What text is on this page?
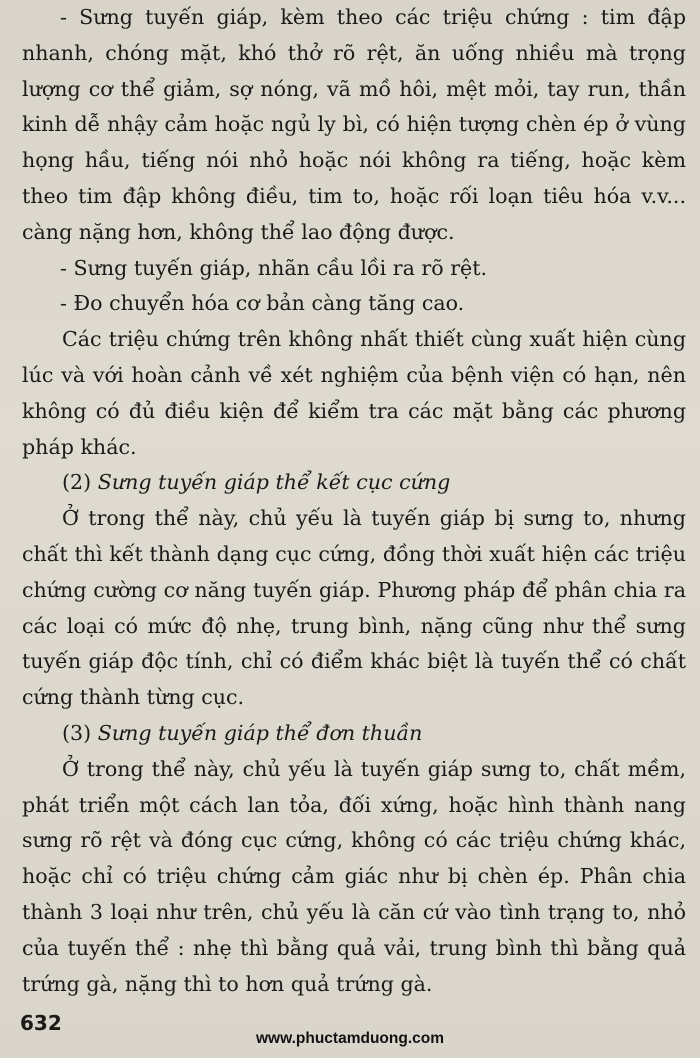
- Sưng tuyến giáp, kèm theo các triệu chứng : tim đập nhanh, chóng mặt, khó thở rõ rệt, ăn uống nhiều mà trọng lượng cơ thể giảm, sợ nóng, vã mồ hôi, mệt mỏi, tay run, thần kinh dễ nhậy cảm hoặc ngủ ly bì, có hiện tượng chèn ép ở vùng họng hầu, tiếng nói nhỏ hoặc nói không ra tiếng, hoặc kèm theo tim đập không điều, tim to, hoặc rối loạn tiêu hóa v.v... càng nặng hơn, không thể lao động được.

- Sưng tuyến giáp, nhãn cầu lồi ra rõ rệt.

- Đo chuyển hóa cơ bản càng tăng cao.

Các triệu chứng trên không nhất thiết cùng xuất hiện cùng lúc và với hoàn cảnh về xét nghiệm của bệnh viện có hạn, nên không có đủ điều kiện để kiểm tra các mặt bằng các phương pháp khác.

(2) Sưng tuyến giáp thể kết cục cứng

Ở trong thể này, chủ yếu là tuyến giáp bị sưng to, nhưng chất thì kết thành dạng cục cứng, đồng thời xuất hiện các triệu chứng cường cơ năng tuyến giáp. Phương pháp để phân chia ra các loại có mức độ nhẹ, trung bình, nặng cũng như thể sưng tuyến giáp độc tính, chỉ có điểm khác biệt là tuyến thể có chất cứng thành từng cục.

(3) Sưng tuyến giáp thể đơn thuần

Ở trong thể này, chủ yếu là tuyến giáp sưng to, chất mềm, phát triển một cách lan tỏa, đối xứng, hoặc hình thành nang sưng rõ rệt và đóng cục cứng, không có các triệu chứng khác, hoặc chỉ có triệu chứng cảm giác như bị chèn ép. Phân chia thành 3 loại như trên, chủ yếu là căn cứ vào tình trạng to, nhỏ của tuyến thể : nhẹ thì bằng quả vải, trung bình thì bằng quả trứng gà, nặng thì to hơn quả trứng gà.

632
www.phuctamduong.com
